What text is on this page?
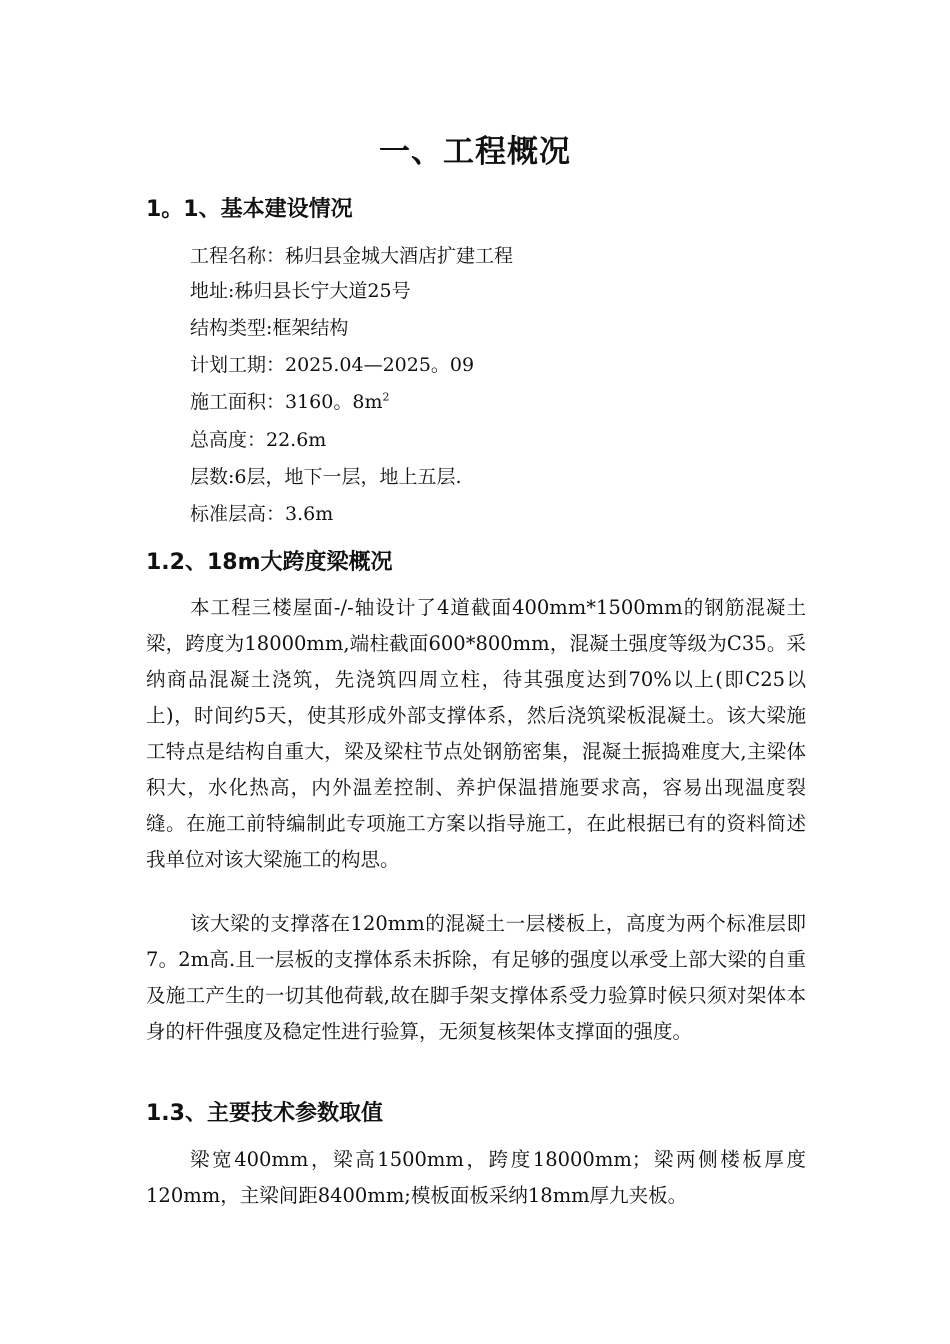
一、工程概况
1。1、基本建设情况

工程名称：秭归县金城大酒店扩建工程

地址:秭归县长宁大道25号

结构类型:框架结构

计划工期：2025.04—2025。09

施工面积：3160。$8m^2$

总高度：22.6m

层数:6层，地下一层，地上五层.

标准层高：3.6m

1.2、18m大跨度梁概况

本工程三楼屋面-/-轴设计了4道截面400mm*1500mm的钢筋混凝土梁，跨度为18000mm,端柱截面600*800mm，混凝土强度等级为C35。采纳商品混凝土浇筑，先浇筑四周立柱，待其强度达到70%以上(即C25以上)，时间约5天，使其形成外部支撑体系，然后浇筑梁板混凝土。该大梁施工特点是结构自重大，梁及梁柱节点处钢筋密集，混凝土振捣难度大,主梁体积大，水化热高，内外温差控制、养护保温措施要求高，容易出现温度裂缝。在施工前特编制此专项施工方案以指导施工，在此根据已有的资料简述我单位对该大梁施工的构思。

该大梁的支撑落在120mm的混凝土一层楼板上，高度为两个标准层即7。2m高.且一层板的支撑体系未拆除，有足够的强度以承受上部大梁的自重及施工产生的一切其他荷载,故在脚手架支撑体系受力验算时候只须对架体本身的杆件强度及稳定性进行验算，无须复核架体支撑面的强度。

1.3、主要技术参数取值

梁宽400mm，梁高1500mm，跨度18000mm；梁两侧楼板厚度120mm，主梁间距8400mm;模板面板采纳18mm厚九夹板。
